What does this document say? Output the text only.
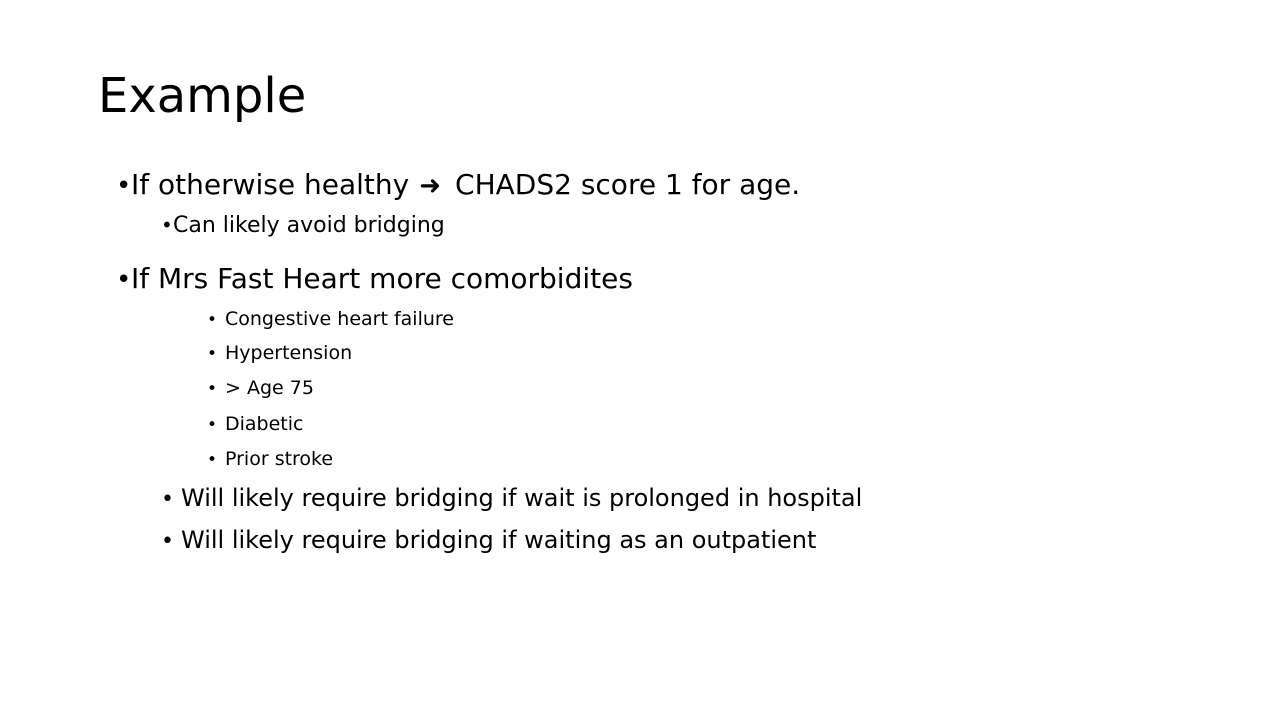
Example
• If otherwise healthy ➜ CHADS2 score 1 for age.
• Can likely avoid bridging
• If Mrs Fast Heart more comorbidites
• Congestive heart failure
• Hypertension
• > Age 75
• Diabetic
• Prior stroke
• Will likely require bridging if wait is prolonged in hospital
• Will likely require bridging if waiting as an outpatient
